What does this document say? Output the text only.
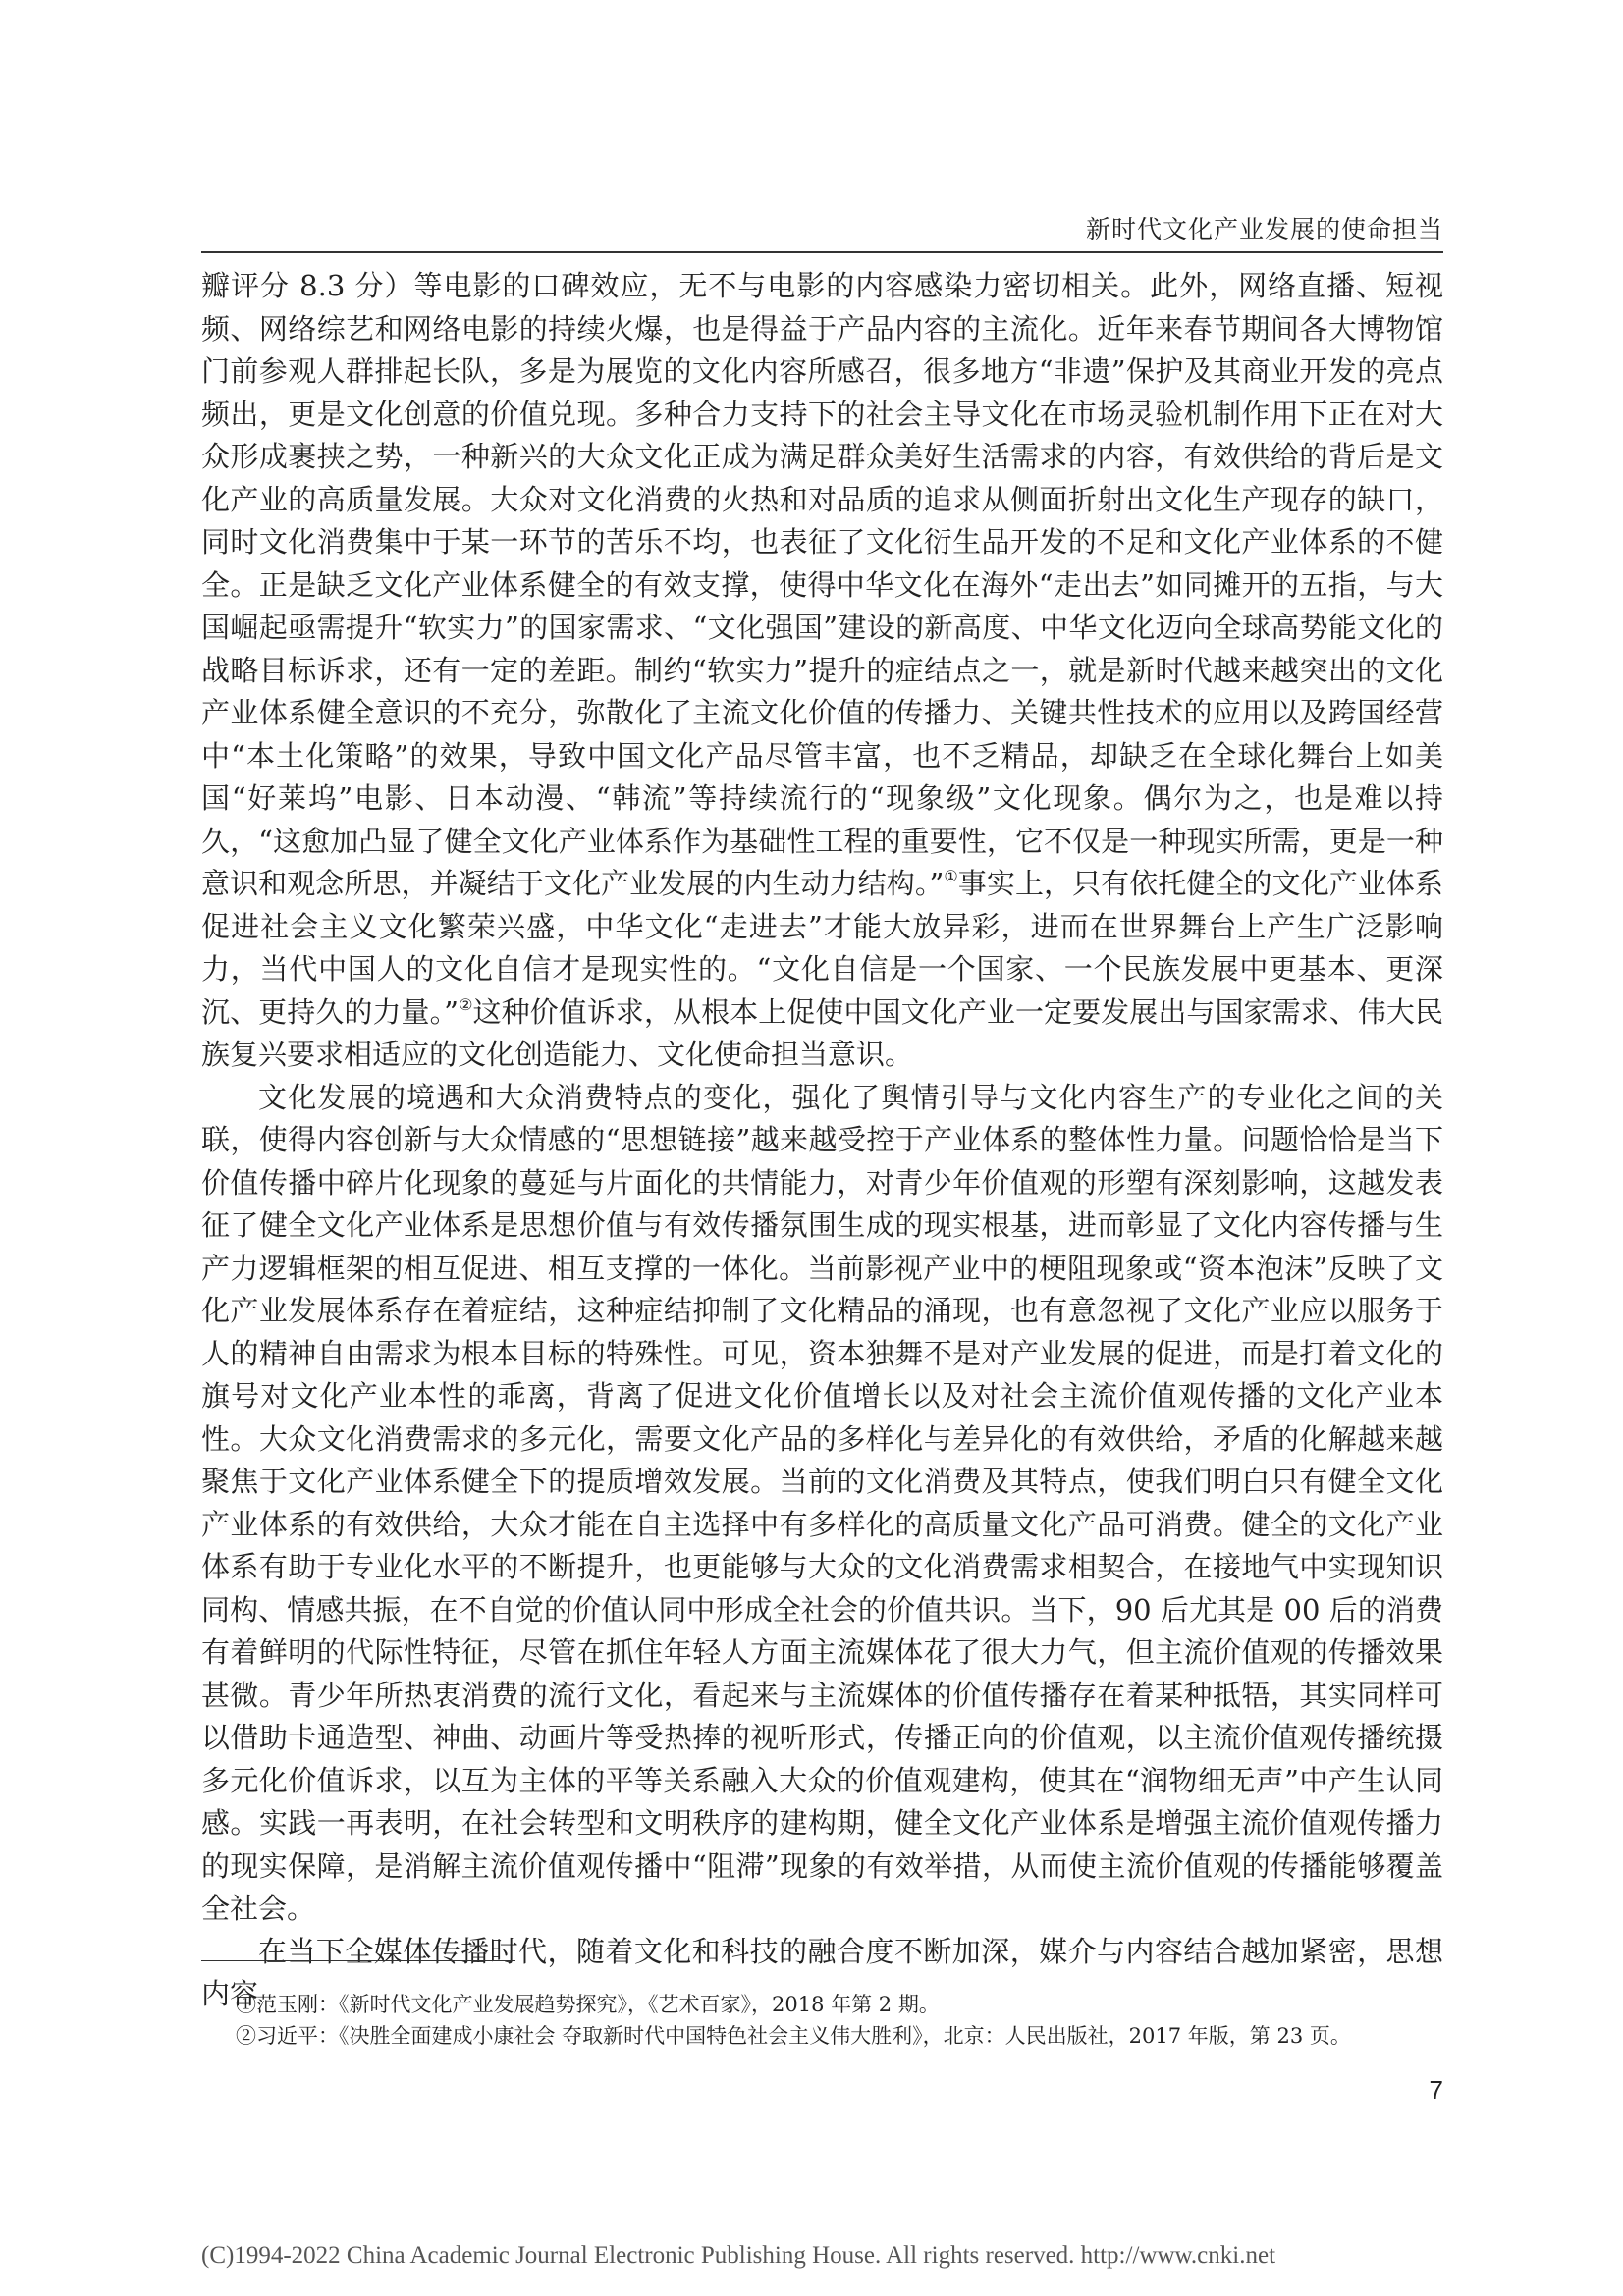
新时代文化产业发展的使命担当

瓣评分 8.3 分）等电影的口碑效应，无不与电影的内容感染力密切相关。此外，网络直播、短视频、网络综艺和网络电影的持续火爆，也是得益于产品内容的主流化。近年来春节期间各大博物馆门前参观人群排起长队，多是为展览的文化内容所感召，很多地方“非遗”保护及其商业开发的亮点频出，更是文化创意的价值兑现。多种合力支持下的社会主导文化在市场灵验机制作用下正在对大众形成裹挟之势，一种新兴的大众文化正成为满足群众美好生活需求的内容，有效供给的背后是文化产业的高质量发展。大众对文化消费的火热和对品质的追求从侧面折射出文化生产现存的缺口，同时文化消费集中于某一环节的苦乐不均，也表征了文化衍生品开发的不足和文化产业体系的不健全。正是缺乏文化产业体系健全的有效支撑，使得中华文化在海外“走出去”如同摊开的五指，与大国崛起亟需提升“软实力”的国家需求、“文化强国”建设的新高度、中华文化迈向全球高势能文化的战略目标诉求，还有一定的差距。制约“软实力”提升的症结点之一，就是新时代越来越突出的文化产业体系健全意识的不充分，弥散化了主流文化价值的传播力、关键共性技术的应用以及跨国经营中“本土化策略”的效果，导致中国文化产品尽管丰富，也不乏精品，却缺乏在全球化舞台上如美国“好莱坞”电影、日本动漫、“韩流”等持续流行的“现象级”文化现象。偶尔为之，也是难以持久，“这愈加凸显了健全文化产业体系作为基础性工程的重要性，它不仅是一种现实所需，更是一种意识和观念所思，并凝结于文化产业发展的内生动力结构。”①事实上，只有依托健全的文化产业体系促进社会主义文化繁荣兴盛，中华文化“走进去”才能大放异彩，进而在世界舞台上产生广泛影响力，当代中国人的文化自信才是现实性的。“文化自信是一个国家、一个民族发展中更基本、更深沉、更持久的力量。”②这种价值诉求，从根本上促使中国文化产业一定要发展出与国家需求、伟大民族复兴要求相适应的文化创造能力、文化使命担当意识。

文化发展的境遇和大众消费特点的变化，强化了舆情引导与文化内容生产的专业化之间的关联，使得内容创新与大众情感的“思想链接”越来越受控于产业体系的整体性力量。问题恰恰是当下价值传播中碎片化现象的蔓延与片面化的共情能力，对青少年价值观的形塑有深刻影响，这越发表征了健全文化产业体系是思想价值与有效传播氛围生成的现实根基，进而彰显了文化内容传播与生产力逻辑框架的相互促进、相互支撑的一体化。当前影视产业中的梗阻现象或“资本泡沫”反映了文化产业发展体系存在着症结，这种症结抑制了文化精品的涌现，也有意忽视了文化产业应以服务于人的精神自由需求为根本目标的特殊性。可见，资本独舞不是对产业发展的促进，而是打着文化的旗号对文化产业本性的乖离，背离了促进文化价值增长以及对社会主流价值观传播的文化产业本性。大众文化消费需求的多元化，需要文化产品的多样化与差异化的有效供给，矛盾的化解越来越聚焦于文化产业体系健全下的提质增效发展。当前的文化消费及其特点，使我们明白只有健全文化产业体系的有效供给，大众才能在自主选择中有多样化的高质量文化产品可消费。健全的文化产业体系有助于专业化水平的不断提升，也更能够与大众的文化消费需求相契合，在接地气中实现知识同构、情感共振，在不自觉的价值认同中形成全社会的价值共识。当下，90 后尤其是 00 后的消费有着鲜明的代际性特征，尽管在抓住年轻人方面主流媒体花了很大力气，但主流价值观的传播效果甚微。青少年所热衷消费的流行文化，看起来与主流媒体的价值传播存在着某种抵牾，其实同样可以借助卡通造型、神曲、动画片等受热捧的视听形式，传播正向的价值观，以主流价值观传播统摄多元化价值诉求，以互为主体的平等关系融入大众的价值观建构，使其在“润物细无声”中产生认同感。实践一再表明，在社会转型和文明秩序的建构期，健全文化产业体系是增强主流价值观传播力的现实保障，是消解主流价值观传播中“阻滞”现象的有效举措，从而使主流价值观的传播能够覆盖全社会。

在当下全媒体传播时代，随着文化和科技的融合度不断加深，媒介与内容结合越加紧密，思想内容

①范玉刚：《新时代文化产业发展趋势探究》，《艺术百家》，2018 年第 2 期。

②习近平：《决胜全面建成小康社会 夺取新时代中国特色社会主义伟大胜利》，北京：人民出版社，2017 年版，第 23 页。

7
(C)1994-2022 China Academic Journal Electronic Publishing House. All rights reserved. http://www.cnki.net
